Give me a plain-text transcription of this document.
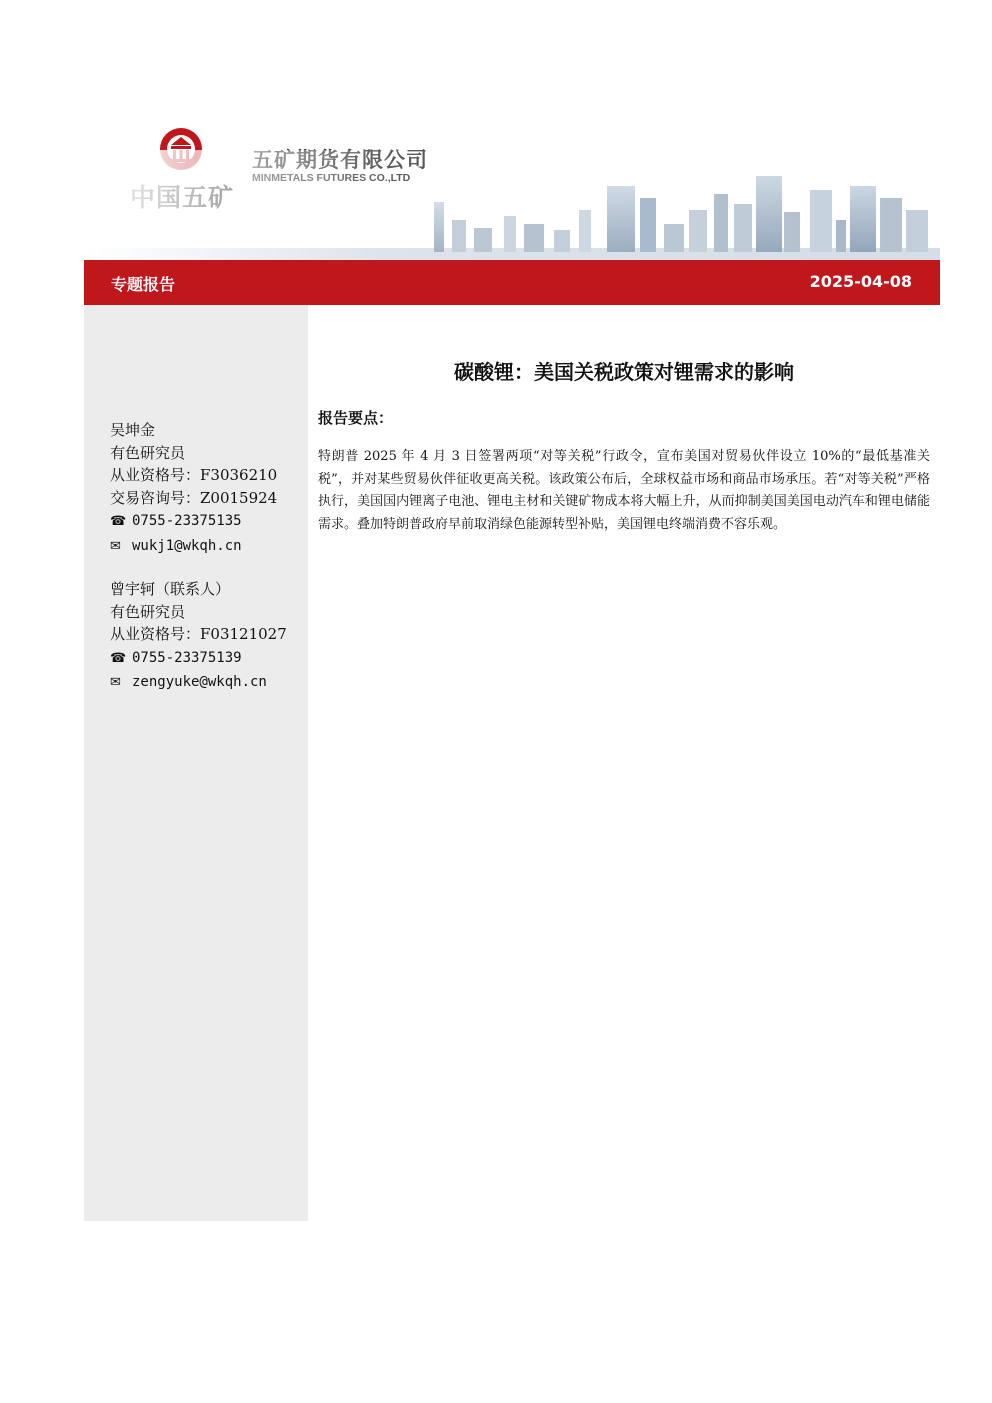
专题报告	2025-04-08
吴坤金
有色研究员
从业资格号：F3036210
交易咨询号：Z0015924
☎ 0755-23375135
✉ wukj1@wkqh.cn
曾宇轲（联系人）
有色研究员
从业资格号：F03121027
☎ 0755-23375139
✉ zengyuke@wkqh.cn
碳酸锂：美国关税政策对锂需求的影响
报告要点：
特朗普 2025 年 4 月 3 日签署两项“对等关税”行政令，宣布美国对贸易伙伴设立 10%的“最低基准关税”，并对某些贸易伙伴征收更高关税。该政策公布后，全球权益市场和商品市场承压。若“对等关税”严格执行，美国国内锂离子电池、锂电主材和关键矿物成本将大幅上升，从而抑制美国美国电动汽车和锂电储能需求。叠加特朗普政府早前取消绿色能源转型补贴，美国锂电终端消费不容乐观。
